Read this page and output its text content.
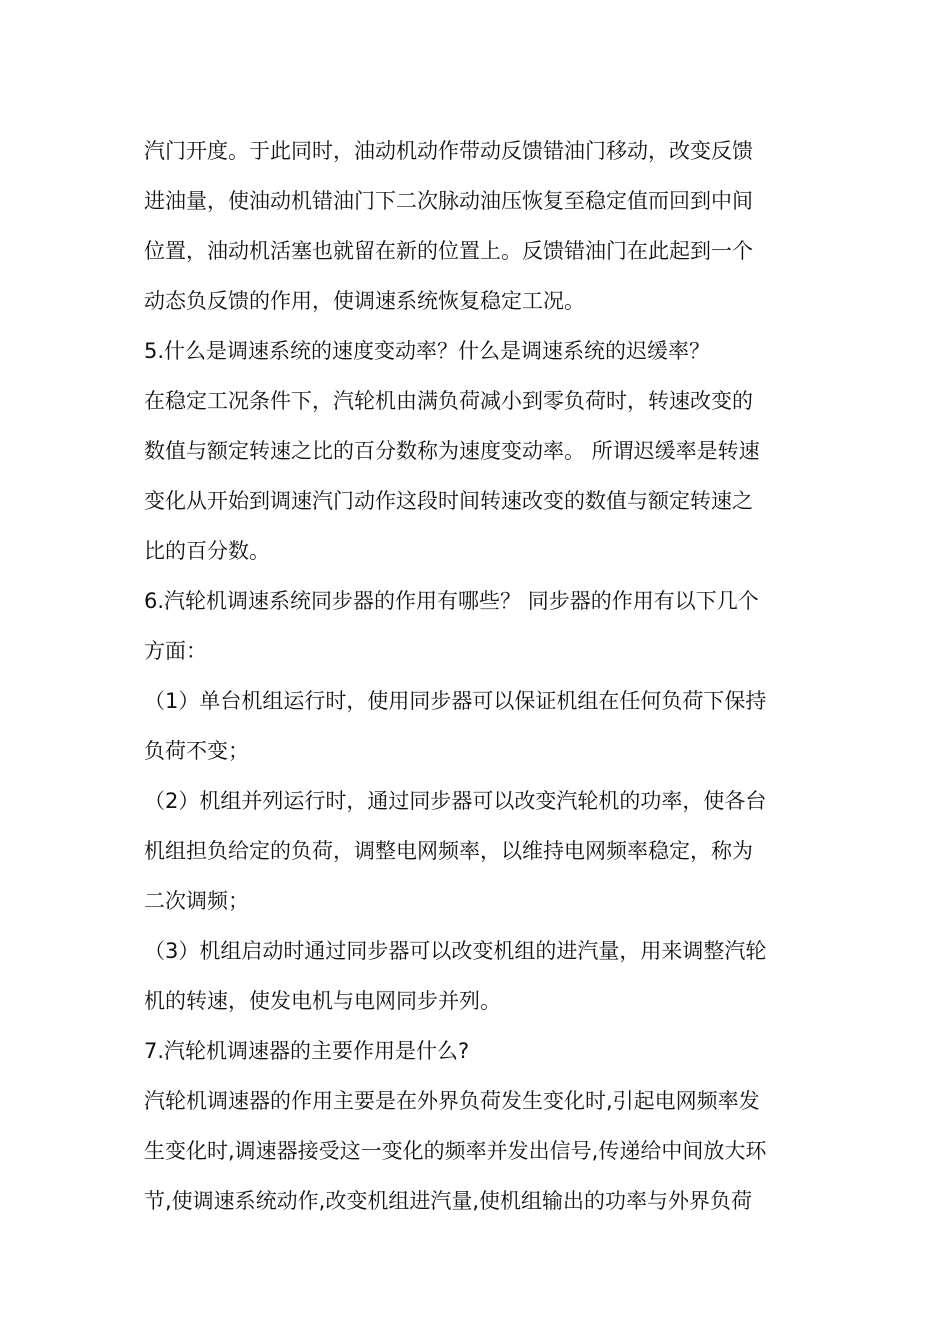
汽门开度。于此同时，油动机动作带动反馈错油门移动，改变反馈
进油量，使油动机错油门下二次脉动油压恢复至稳定值而回到中间
位置，油动机活塞也就留在新的位置上。反馈错油门在此起到一个
动态负反馈的作用，使调速系统恢复稳定工况。
5.什么是调速系统的速度变动率？什么是调速系统的迟缓率？
在稳定工况条件下，汽轮机由满负荷减小到零负荷时，转速改变的
数值与额定转速之比的百分数称为速度变动率。 所谓迟缓率是转速
变化从开始到调速汽门动作这段时间转速改变的数值与额定转速之
比的百分数。
6.汽轮机调速系统同步器的作用有哪些？ 同步器的作用有以下几个
方面：
（1）单台机组运行时，使用同步器可以保证机组在任何负荷下保持
负荷不变；
（2）机组并列运行时，通过同步器可以改变汽轮机的功率，使各台
机组担负给定的负荷，调整电网频率，以维持电网频率稳定，称为
二次调频；
（3）机组启动时通过同步器可以改变机组的进汽量，用来调整汽轮
机的转速，使发电机与电网同步并列。
7.汽轮机调速器的主要作用是什么?
汽轮机调速器的作用主要是在外界负荷发生变化时,引起电网频率发
生变化时,调速器接受这一变化的频率并发出信号,传递给中间放大环
节,使调速系统动作,改变机组进汽量,使机组输出的功率与外界负荷
